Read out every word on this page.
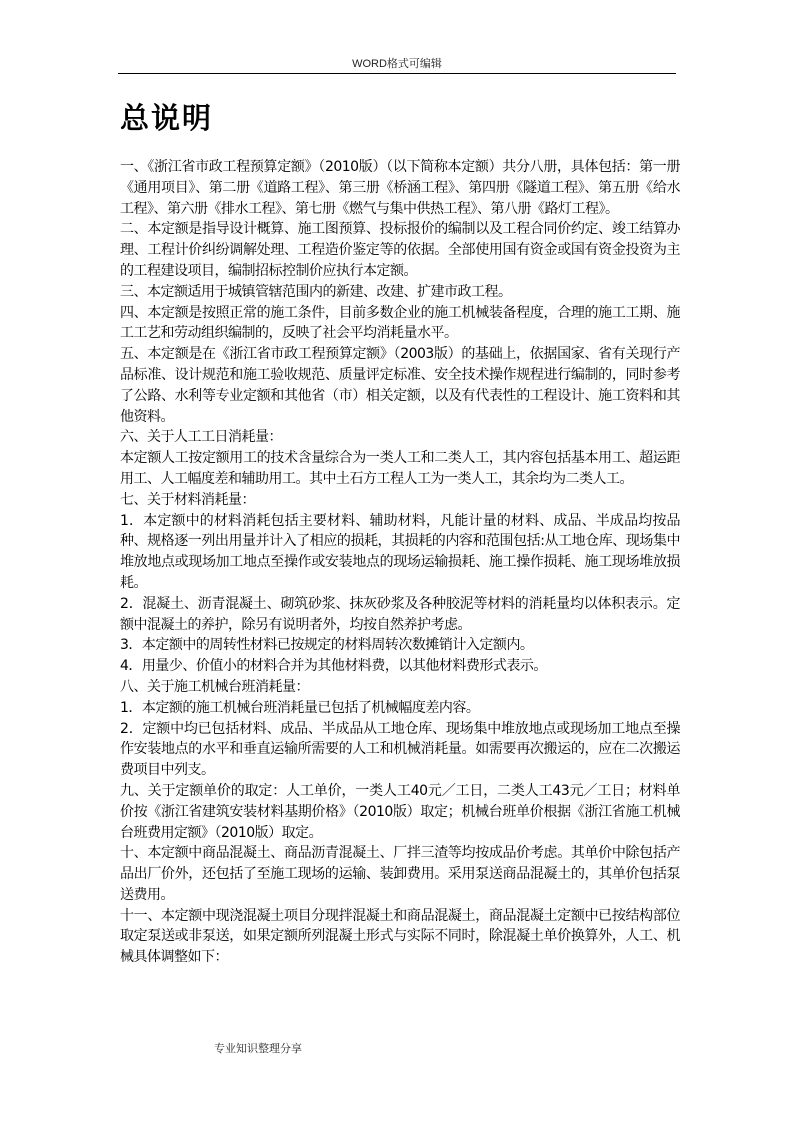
WORD格式可编辑
总说明

一、《浙江省市政工程预算定额》（2010版）（以下简称本定额）共分八册，具体包括：第一册《通用项目》、第二册《道路工程》、第三册《桥涵工程》、第四册《隧道工程》、第五册《给水工程》、第六册《排水工程》、第七册《燃气与集中供热工程》、第八册《路灯工程》。

二、本定额是指导设计概算、施工图预算、投标报价的编制以及工程合同价约定、竣工结算办理、工程计价纠纷调解处理、工程造价鉴定等的依据。全部使用国有资金或国有资金投资为主的工程建设项目，编制招标控制价应执行本定额。

三、本定额适用于城镇管辖范围内的新建、改建、扩建市政工程。

四、本定额是按照正常的施工条件，目前多数企业的施工机械装备程度，合理的施工工期、施工工艺和劳动组织编制的，反映了社会平均消耗量水平。

五、本定额是在《浙江省市政工程预算定额》（2003版）的基础上，依据国家、省有关现行产品标准、设计规范和施工验收规范、质量评定标准、安全技术操作规程进行编制的，同时参考了公路、水利等专业定额和其他省（市）相关定额，以及有代表性的工程设计、施工资料和其他资料。

六、关于人工工日消耗量：

本定额人工按定额用工的技术含量综合为一类人工和二类人工，其内容包括基本用工、超运距用工、人工幅度差和辅助用工。其中土石方工程人工为一类人工，其余均为二类人工。

七、关于材料消耗量：

1．本定额中的材料消耗包括主要材料、辅助材料，凡能计量的材料、成品、半成品均按品种、规格逐一列出用量并计入了相应的损耗，其损耗的内容和范围包括:从工地仓库、现场集中堆放地点或现场加工地点至操作或安装地点的现场运输损耗、施工操作损耗、施工现场堆放损耗。

2．混凝土、沥青混凝土、砌筑砂浆、抹灰砂浆及各种胶泥等材料的消耗量均以体积表示。定额中混凝土的养护，除另有说明者外，均按自然养护考虑。

3．本定额中的周转性材料已按规定的材料周转次数摊销计入定额内。

4．用量少、价值小的材料合并为其他材料费，以其他材料费形式表示。

八、关于施工机械台班消耗量：

1．本定额的施工机械台班消耗量已包括了机械幅度差内容。

2．定额中均已包括材料、成品、半成品从工地仓库、现场集中堆放地点或现场加工地点至操作安装地点的水平和垂直运输所需要的人工和机械消耗量。如需要再次搬运的，应在二次搬运费项目中列支。

九、关于定额单价的取定：人工单价，一类人工40元／工日，二类人工43元／工日；材料单价按《浙江省建筑安装材料基期价格》（2010版）取定；机械台班单价根据《浙江省施工机械台班费用定额》（2010版）取定。

十、本定额中商品混凝土、商品沥青混凝土、厂拌三渣等均按成品价考虑。其单价中除包括产品出厂价外，还包括了至施工现场的运输、装卸费用。采用泵送商品混凝土的，其单价包括泵送费用。

十一、本定额中现浇混凝土项目分现拌混凝土和商品混凝土，商品混凝土定额中已按结构部位取定泵送或非泵送，如果定额所列混凝土形式与实际不同时，除混凝土单价换算外，人工、机械具体调整如下：

专业知识整理分享
